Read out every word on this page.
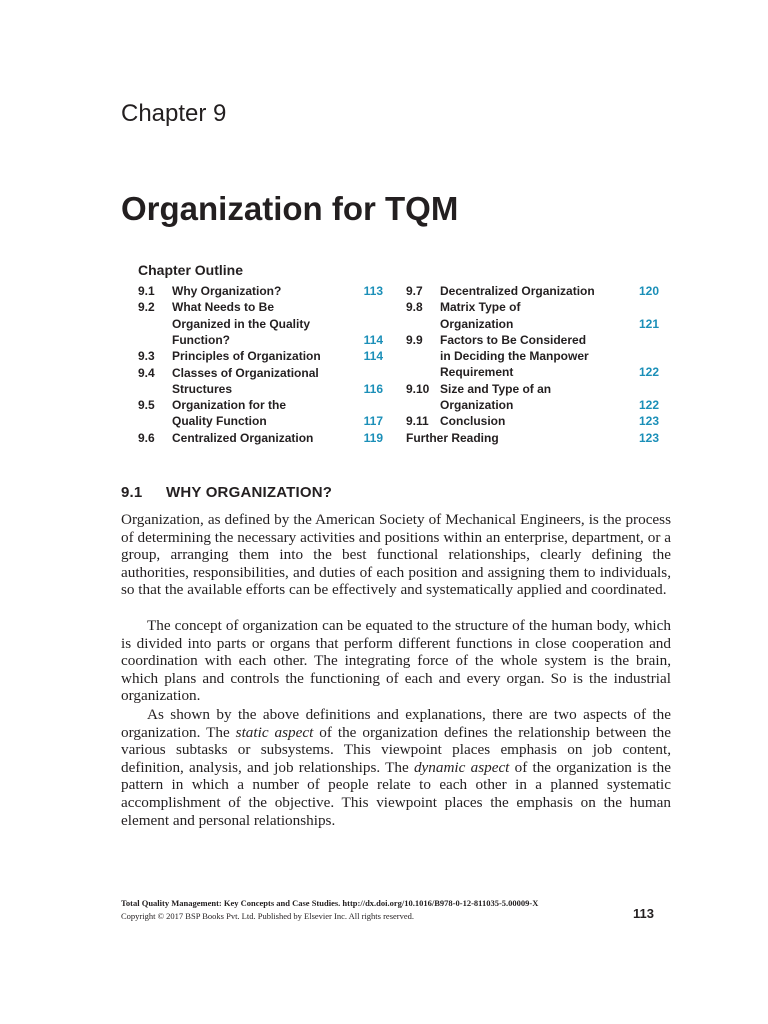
Chapter 9
Organization for TQM
Chapter Outline
9.1 Why Organization?	113
9.2 What Needs to Be
Organized in the Quality
Function?	114
9.3 Principles of Organization	114
9.4 Classes of Organizational
Structures	116
9.5 Organization for the
Quality Function	117
9.6 Centralized Organization	119
9.7 Decentralized Organization	120
9.8 Matrix Type of
Organization	121
9.9 Factors to Be Considered
in Deciding the Manpower
Requirement	122
9.10 Size and Type of an
Organization	122
9.11 Conclusion	123
Further Reading	123
9.1 WHY ORGANIZATION?

Organization, as defined by the American Society of Mechanical Engineers, is the process of determining the necessary activities and positions within an enterprise, department, or a group, arranging them into the best functional relationships, clearly defining the authorities, responsibilities, and duties of each position and assigning them to individuals, so that the available efforts can be effectively and systematically applied and coordinated.

The concept of organization can be equated to the structure of the human body, which is divided into parts or organs that perform different functions in close cooperation and coordination with each other. The integrating force of the whole system is the brain, which plans and controls the functioning of each and every organ. So is the industrial organization.

As shown by the above definitions and explanations, there are two aspects of the organization. The static aspect of the organization defines the relationship between the various subtasks or subsystems. This viewpoint places emphasis on job content, definition, analysis, and job relationships. The dynamic aspect of the organization is the pattern in which a number of people relate to each other in a planned systematic accomplishment of the objective. This viewpoint places the emphasis on the human element and personal relationships.

Total Quality Management: Key Concepts and Case Studies. http://dx.doi.org/10.1016/B978-0-12-811035-5.00009-X
Copyright © 2017 BSP Books Pvt. Ltd. Published by Elsevier Inc. All rights reserved.	113
